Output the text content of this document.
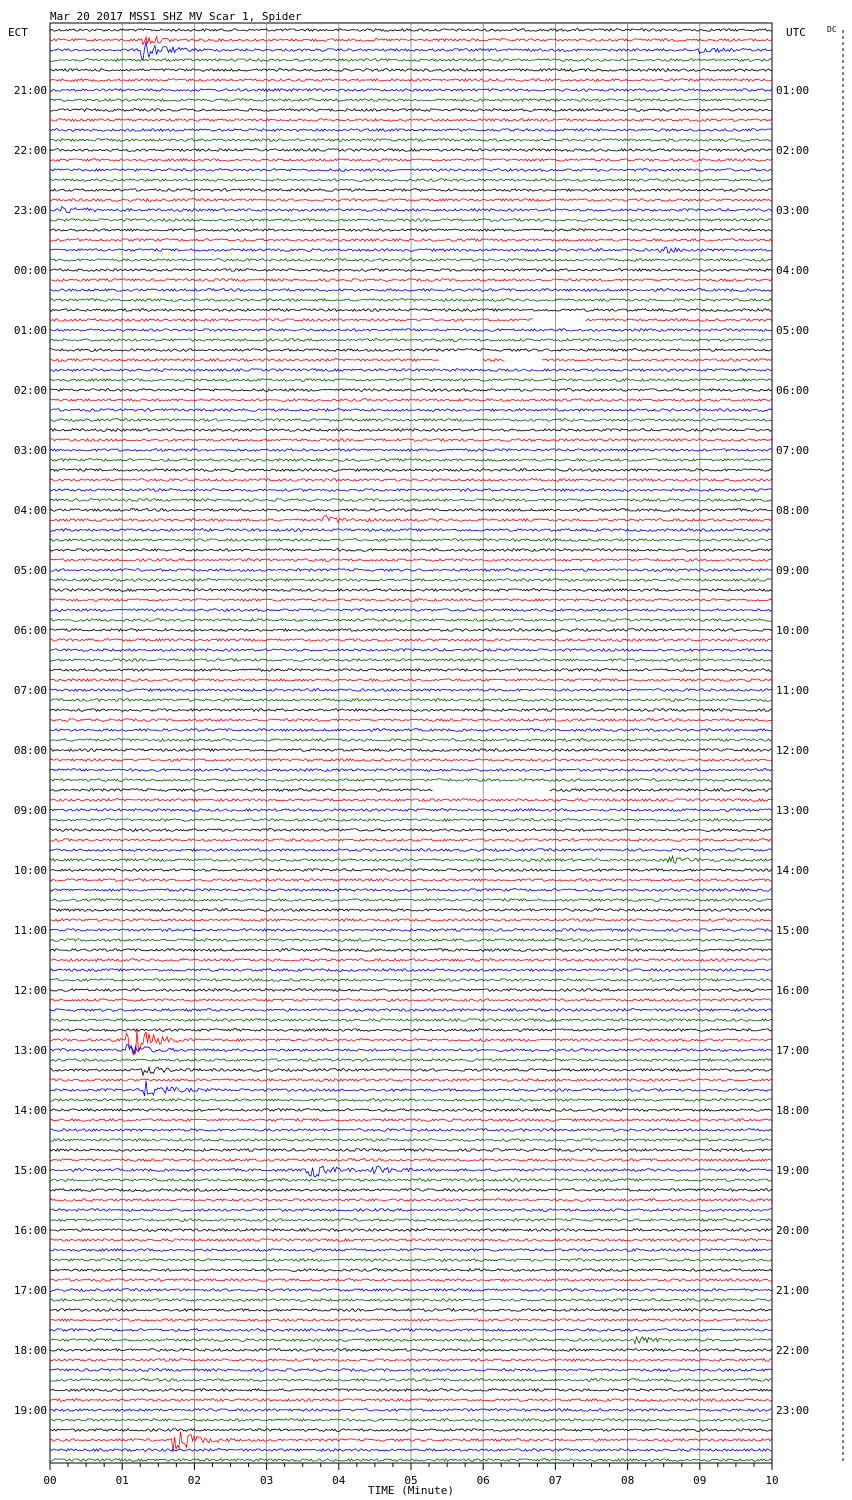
Mar 20 2017 MSS1 SHZ MV Scar 1, Spider
ECT	UTC	DC
21:00
22:00
23:00
00:00
01:00
02:00
03:00
04:00
05:00
06:00
07:00
08:00
09:00
10:00
11:00
12:00
13:00
14:00
15:00
16:00
17:00
18:00
19:00
01:00
02:00
03:00
04:00
05:00
06:00
07:00
08:00
09:00
10:00
11:00
12:00
13:00
14:00
15:00
16:00
17:00
18:00
19:00
20:00
21:00
22:00
23:00
00	01	02	03	04	05	06	07	08	09	10
TIME (Minute)
